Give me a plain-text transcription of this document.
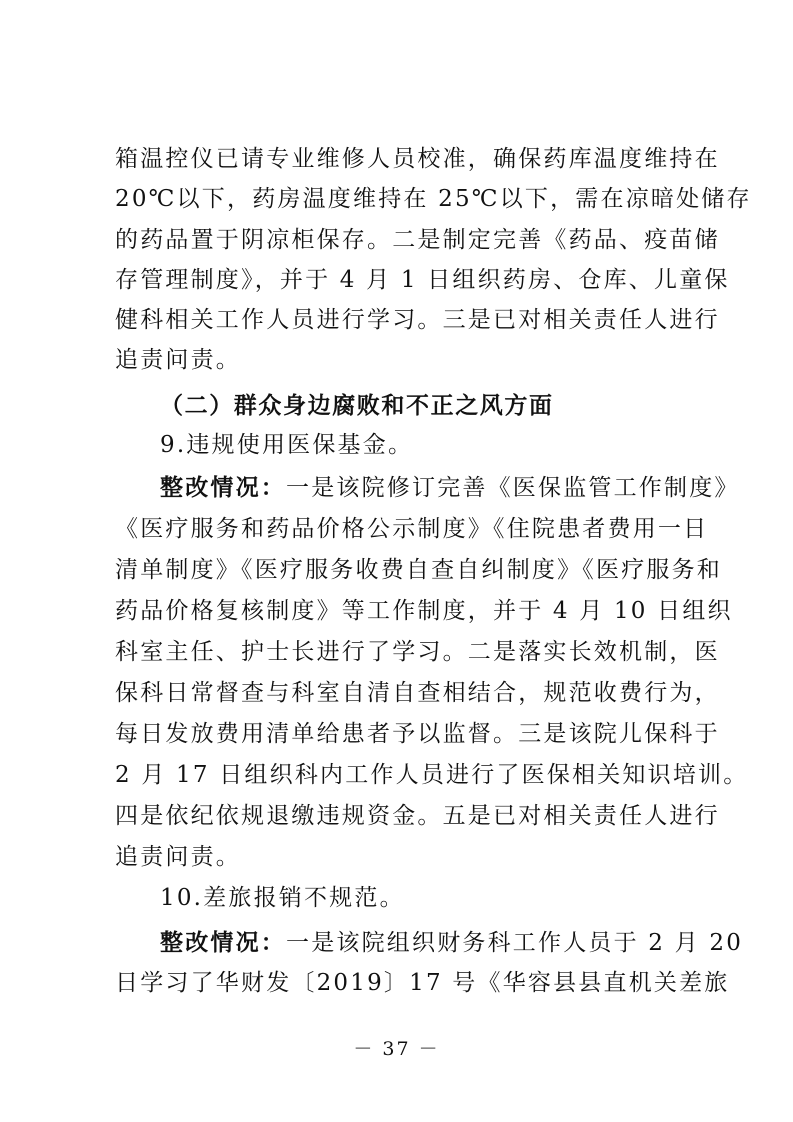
箱温控仪已请专业维修人员校准，确保药库温度维持在
20℃以下，药房温度维持在 25℃以下，需在凉暗处储存
的药品置于阴凉柜保存。二是制定完善《药品、疫苗储
存管理制度》，并于 4 月 1 日组织药房、仓库、儿童保
健科相关工作人员进行学习。三是已对相关责任人进行
追责问责。
（二）群众身边腐败和不正之风方面
9.违规使用医保基金。
整改情况：一是该院修订完善《医保监管工作制度》
《医疗服务和药品价格公示制度》《住院患者费用一日
清单制度》《医疗服务收费自查自纠制度》《医疗服务和
药品价格复核制度》等工作制度，并于 4 月 10 日组织
科室主任、护士长进行了学习。二是落实长效机制，医
保科日常督查与科室自清自查相结合，规范收费行为，
每日发放费用清单给患者予以监督。三是该院儿保科于
2 月 17 日组织科内工作人员进行了医保相关知识培训。
四是依纪依规退缴违规资金。五是已对相关责任人进行
追责问责。
10.差旅报销不规范。
整改情况：一是该院组织财务科工作人员于 2 月 20
日学习了华财发〔2019〕17 号《华容县县直机关差旅
－ 37 －
